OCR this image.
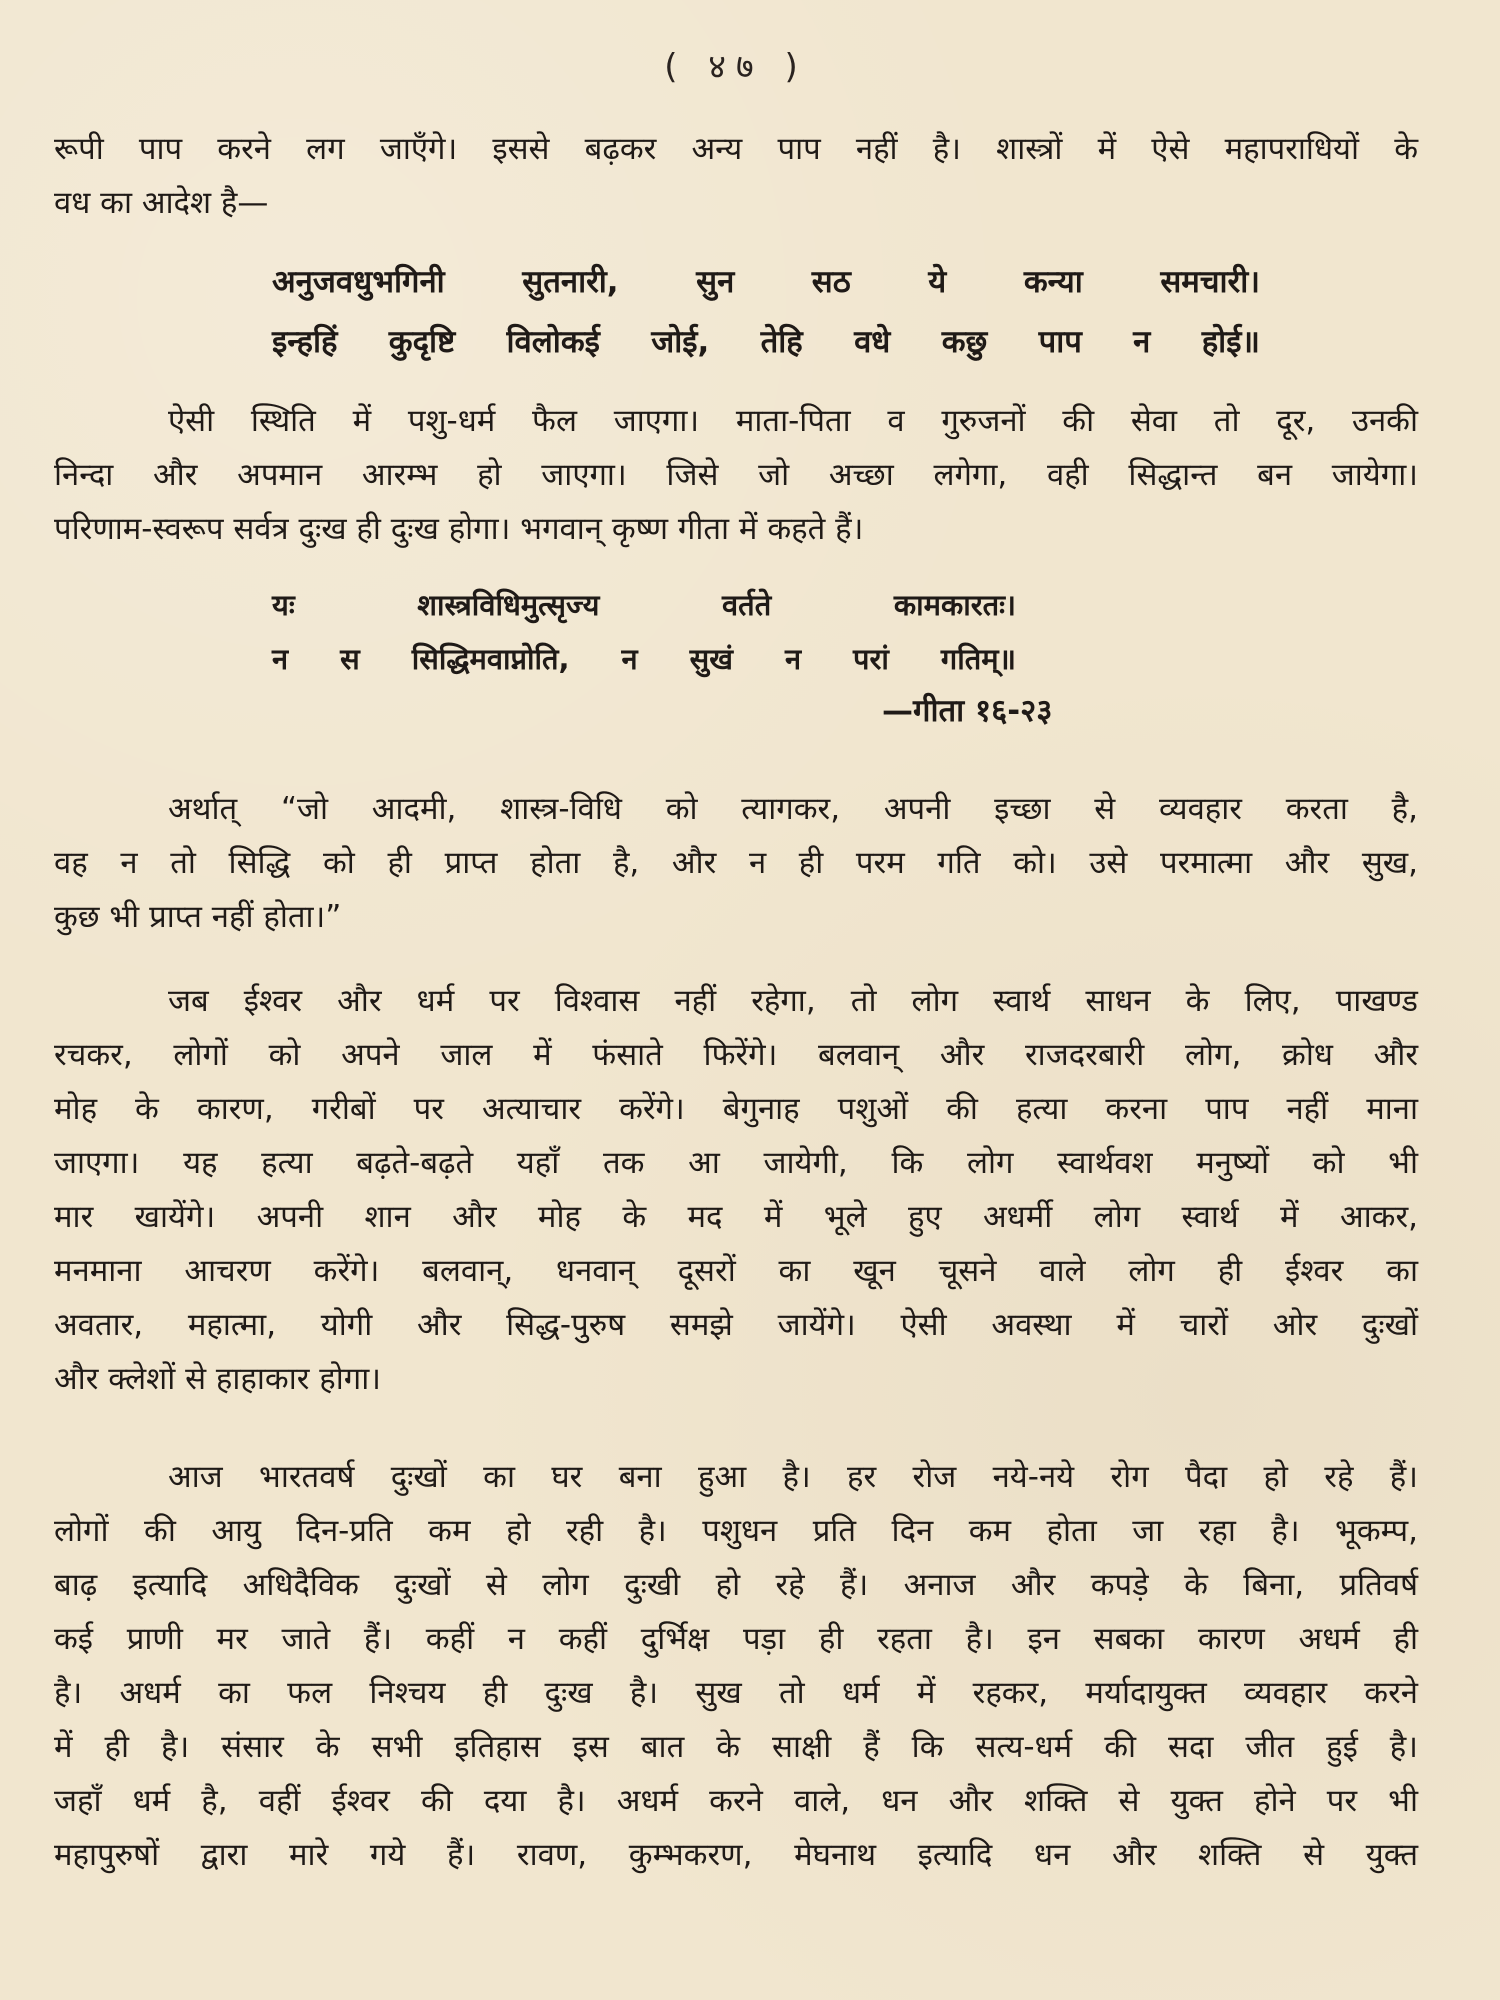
( ४७ )
रूपी पाप करने लग जाएँगे। इससे बढ़कर अन्य पाप नहीं है। शास्त्रों में ऐसे महापराधियों के
वध का आदेश है—
अनुजवधुभगिनी सुतनारी, सुन सठ ये कन्या समचारी।
इन्हहिं कुदृष्टि विलोकई जोई, तेहि वधे कछु पाप न होई॥
ऐसी स्थिति में पशु-धर्म फैल जाएगा। माता-पिता व गुरुजनों की सेवा तो दूर, उनकी
निन्दा और अपमान आरम्भ हो जाएगा। जिसे जो अच्छा लगेगा, वही सिद्धान्त बन जायेगा।
परिणाम-स्वरूप सर्वत्र दुःख ही दुःख होगा। भगवान् कृष्ण गीता में कहते हैं।
यः शास्त्रविधिमुत्सृज्य वर्तते कामकारतः।
न स सिद्धिमवाप्नोति, न सुखं न परां गतिम्॥
—गीता १६-२३
अर्थात् “जो आदमी, शास्त्र-विधि को त्यागकर, अपनी इच्छा से व्यवहार करता है,
वह न तो सिद्धि को ही प्राप्त होता है, और न ही परम गति को। उसे परमात्मा और सुख,
कुछ भी प्राप्त नहीं होता।”
जब ईश्वर और धर्म पर विश्वास नहीं रहेगा, तो लोग स्वार्थ साधन के लिए, पाखण्ड
रचकर, लोगों को अपने जाल में फंसाते फिरेंगे। बलवान् और राजदरबारी लोग, क्रोध और
मोह के कारण, गरीबों पर अत्याचार करेंगे। बेगुनाह पशुओं की हत्या करना पाप नहीं माना
जाएगा। यह हत्या बढ़ते-बढ़ते यहाँ तक आ जायेगी, कि लोग स्वार्थवश मनुष्यों को भी
मार खायेंगे। अपनी शान और मोह के मद में भूले हुए अधर्मी लोग स्वार्थ में आकर,
मनमाना आचरण करेंगे। बलवान्, धनवान् दूसरों का खून चूसने वाले लोग ही ईश्वर का
अवतार, महात्मा, योगी और सिद्ध-पुरुष समझे जायेंगे। ऐसी अवस्था में चारों ओर दुःखों
और क्लेशों से हाहाकार होगा।
आज भारतवर्ष दुःखों का घर बना हुआ है। हर रोज नये-नये रोग पैदा हो रहे हैं।
लोगों की आयु दिन-प्रति कम हो रही है। पशुधन प्रति दिन कम होता जा रहा है। भूकम्प,
बाढ़ इत्यादि अधिदैविक दुःखों से लोग दुःखी हो रहे हैं। अनाज और कपड़े के बिना, प्रतिवर्ष
कई प्राणी मर जाते हैं। कहीं न कहीं दुर्भिक्ष पड़ा ही रहता है। इन सबका कारण अधर्म ही
है। अधर्म का फल निश्चय ही दुःख है। सुख तो धर्म में रहकर, मर्यादायुक्त व्यवहार करने
में ही है। संसार के सभी इतिहास इस बात के साक्षी हैं कि सत्य-धर्म की सदा जीत हुई है।
जहाँ धर्म है, वहीं ईश्वर की दया है। अधर्म करने वाले, धन और शक्ति से युक्त होने पर भी
महापुरुषों द्वारा मारे गये हैं। रावण, कुम्भकरण, मेघनाथ इत्यादि धन और शक्ति से युक्त
